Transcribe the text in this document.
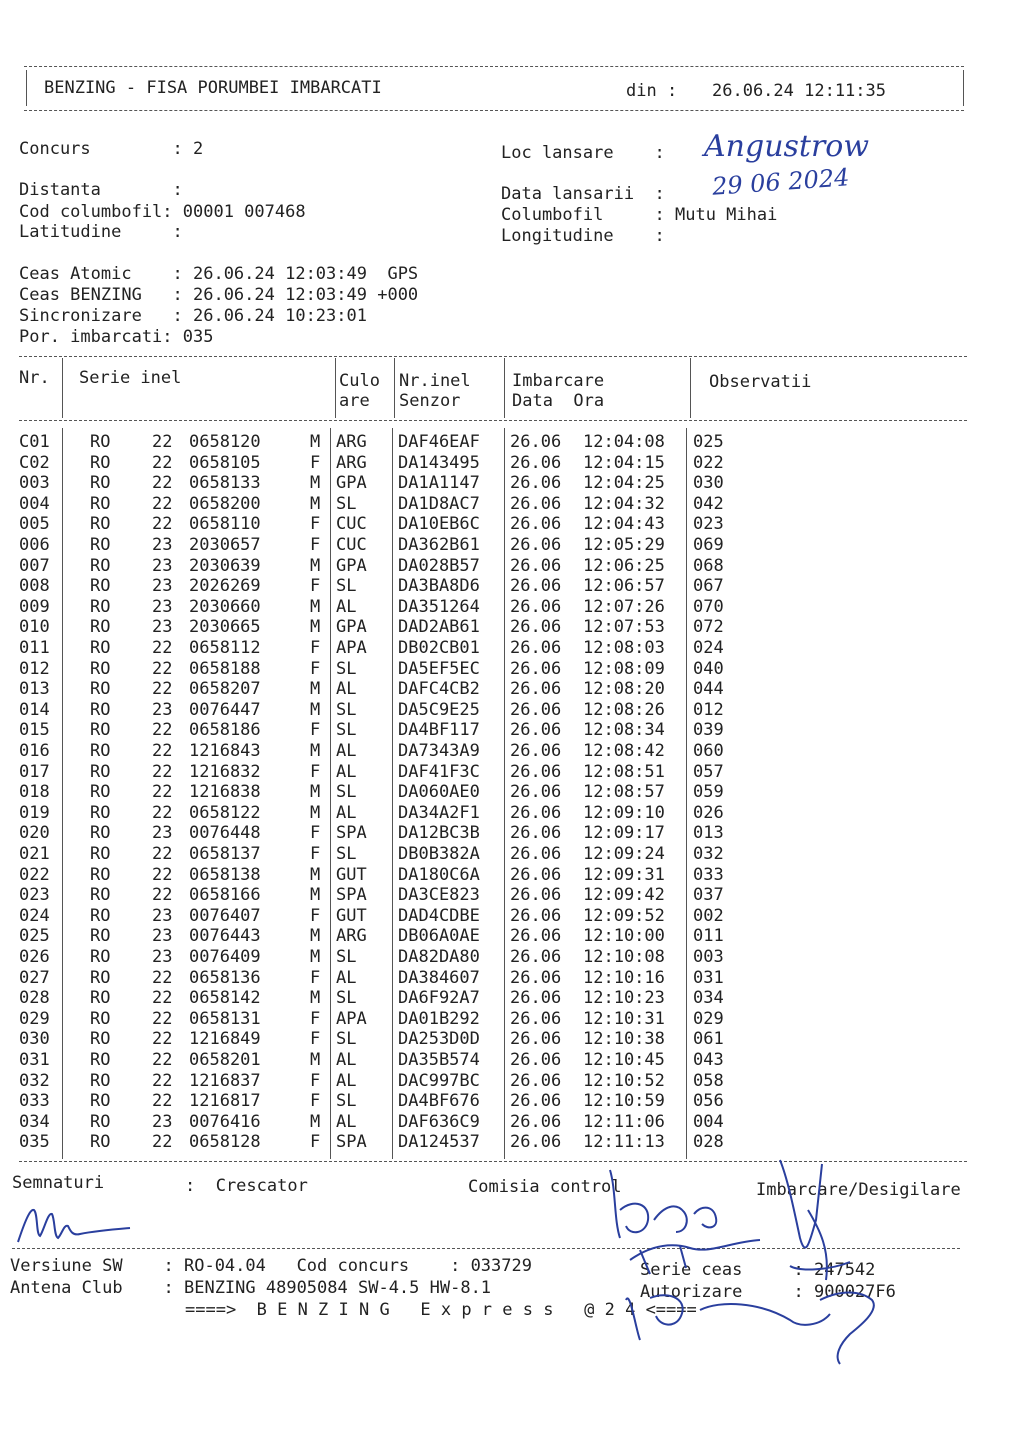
BENZING - FISA PORUMBEI IMBARCATI	din : 26.06.24 12:11:35
Concurs        : 2
Distanta       :
Cod columbofil: 00001 007468
Latitudine     :
Loc lansare    :
Data lansarii  :
Columbofil     : Mutu Mihai
Longitudine    :
Angustrow
29 06 2024
Ceas Atomic    : 26.06.24 12:03:49  GPS
Ceas BENZING   : 26.06.24 12:03:49 +000
Sincronizare   : 26.06.24 10:23:01
Por. imbarcati: 035
Nr. Serie inel	Culo
are
Nr.inel
Senzor
Imbarcare
Data  Ora
Observatii
C01 RO 22 0658120	M ARG DAF46EAF 26.06 12:04:08 025
C02 RO 22 0658105	F ARG DA143495 26.06 12:04:15 022
003 RO 22 0658133	M GPA DA1A1147 26.06 12:04:25 030
004 RO 22 0658200	M SL DA1D8AC7 26.06 12:04:32 042
005 RO 22 0658110	F CUC DA10EB6C 26.06 12:04:43 023
006 RO 23 2030657	F CUC DA362B61 26.06 12:05:29 069
007 RO 23 2030639	M GPA DA028B57 26.06 12:06:25 068
008 RO 23 2026269	F SL DA3BA8D6 26.06 12:06:57 067
009 RO 23 2030660	M AL DA351264 26.06 12:07:26 070
010 RO 23 2030665	M GPA DAD2AB61 26.06 12:07:53 072
011 RO 22 0658112	F APA DB02CB01 26.06 12:08:03 024
012 RO 22 0658188	F SL DA5EF5EC 26.06 12:08:09 040
013 RO 22 0658207	M AL DAFC4CB2 26.06 12:08:20 044
014 RO 23 0076447	M SL DA5C9E25 26.06 12:08:26 012
015 RO 22 0658186	F SL DA4BF117 26.06 12:08:34 039
016 RO 22 1216843	M AL DA7343A9 26.06 12:08:42 060
017 RO 22 1216832	F AL DAF41F3C 26.06 12:08:51 057
018 RO 22 1216838	M SL DA060AE0 26.06 12:08:57 059
019 RO 22 0658122	M AL DA34A2F1 26.06 12:09:10 026
020 RO 23 0076448	F SPA DA12BC3B 26.06 12:09:17 013
021 RO 22 0658137	F SL DB0B382A 26.06 12:09:24 032
022 RO 22 0658138	M GUT DA180C6A 26.06 12:09:31 033
023 RO 22 0658166	M SPA DA3CE823 26.06 12:09:42 037
024 RO 23 0076407	F GUT DAD4CDBE 26.06 12:09:52 002
025 RO 23 0076443	M ARG DB06A0AE 26.06 12:10:00 011
026 RO 23 0076409	M SL DA82DA80 26.06 12:10:08 003
027 RO 22 0658136	F AL DA384607 26.06 12:10:16 031
028 RO 22 0658142	M SL DA6F92A7 26.06 12:10:23 034
029 RO 22 0658131	F APA DA01B292 26.06 12:10:31 029
030 RO 22 1216849	F SL DA253D0D 26.06 12:10:38 061
031 RO 22 0658201	M AL DA35B574 26.06 12:10:45 043
032 RO 22 1216837	F AL DAC997BC 26.06 12:10:52 058
033 RO 22 1216817	F SL DA4BF676 26.06 12:10:59 056
034 RO 23 0076416	M AL DAF636C9 26.06 12:11:06 004
035 RO 22 0658128	F SPA DA124537 26.06 12:11:13 028
Semnaturi	:  Crescator	Comisia control	Imbarcare/Desigilare
Versiune SW    : RO-04.04   Cod concurs    : 033729	Serie ceas     : 247542
Antena Club    : BENZING 48905084 SW-4.5 HW-8.1	Autorizare     : 900027F6
====>  B E N Z I N G   E x p r e s s   @ 2 4 <====
